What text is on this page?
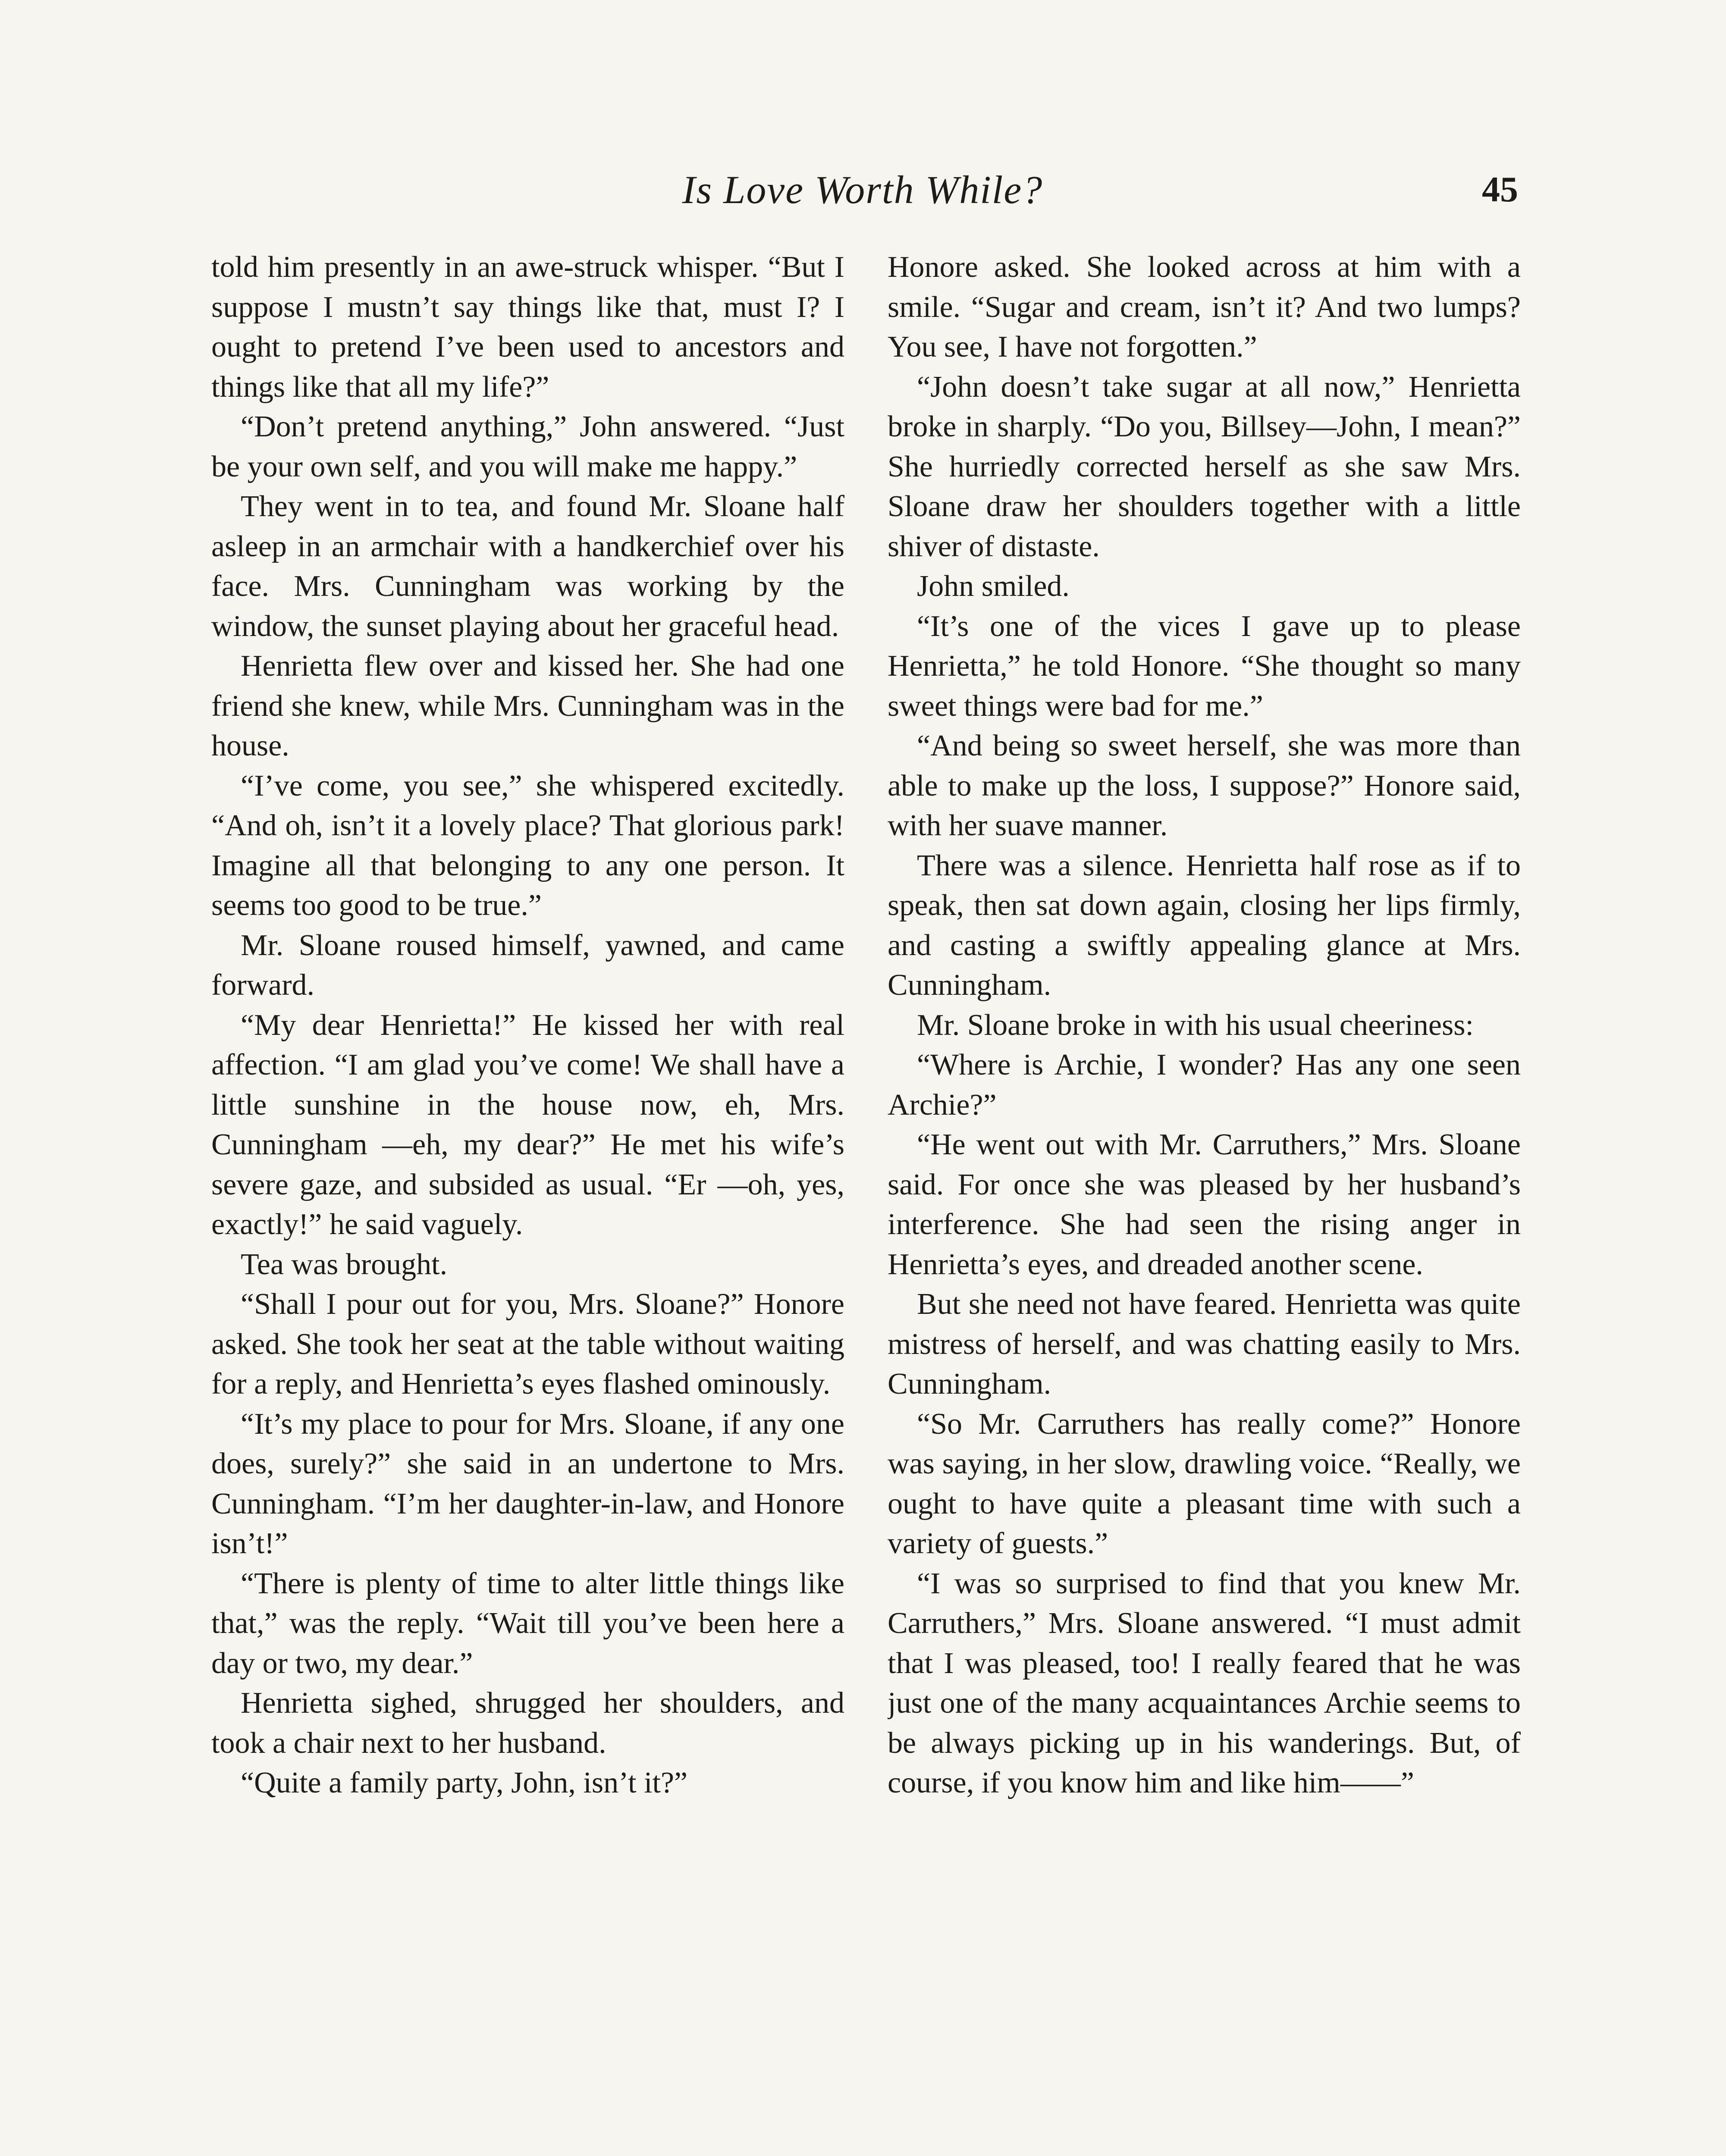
Is Love Worth While?	45

told him presently in an awe-struck whisper. “But I suppose I mustn’t say things like that, must I? I ought to pretend I’ve been used to ancestors and things like that all my life?”

“Don’t pretend anything,” John answered. “Just be your own self, and you will make me happy.”

They went in to tea, and found Mr. Sloane half asleep in an armchair with a handkerchief over his face. Mrs. Cunningham was working by the window, the sunset playing about her graceful head.

Henrietta flew over and kissed her. She had one friend she knew, while Mrs. Cunningham was in the house.

“I’ve come, you see,” she whispered excitedly. “And oh, isn’t it a lovely place? That glorious park! Imagine all that belonging to any one person. It seems too good to be true.”

Mr. Sloane roused himself, yawned, and came forward.

“My dear Henrietta!” He kissed her with real affection. “I am glad you’ve come! We shall have a little sunshine in the house now, eh, Mrs. Cunningham —eh, my dear?” He met his wife’s severe gaze, and subsided as usual. “Er —oh, yes, exactly!” he said vaguely.

Tea was brought.

“Shall I pour out for you, Mrs. Sloane?” Honore asked. She took her seat at the table without waiting for a reply, and Henrietta’s eyes flashed ominously.

“It’s my place to pour for Mrs. Sloane, if any one does, surely?” she said in an undertone to Mrs. Cunningham. “I’m her daughter-in-law, and Honore isn’t!”

“There is plenty of time to alter little things like that,” was the reply. “Wait till you’ve been here a day or two, my dear.”

Henrietta sighed, shrugged her shoulders, and took a chair next to her husband.

“Quite a family party, John, isn’t it?”

Honore asked. She looked across at him with a smile. “Sugar and cream, isn’t it? And two lumps? You see, I have not forgotten.”

“John doesn’t take sugar at all now,” Henrietta broke in sharply. “Do you, Billsey—John, I mean?” She hurriedly corrected herself as she saw Mrs. Sloane draw her shoulders together with a little shiver of distaste.

John smiled.

“It’s one of the vices I gave up to please Henrietta,” he told Honore. “She thought so many sweet things were bad for me.”

“And being so sweet herself, she was more than able to make up the loss, I suppose?” Honore said, with her suave manner.

There was a silence. Henrietta half rose as if to speak, then sat down again, closing her lips firmly, and casting a swiftly appealing glance at Mrs. Cunningham.

Mr. Sloane broke in with his usual cheeriness:

“Where is Archie, I wonder? Has any one seen Archie?”

“He went out with Mr. Carruthers,” Mrs. Sloane said. For once she was pleased by her husband’s interference. She had seen the rising anger in Henrietta’s eyes, and dreaded another scene.

But she need not have feared. Henrietta was quite mistress of herself, and was chatting easily to Mrs. Cunningham.

“So Mr. Carruthers has really come?” Honore was saying, in her slow, drawling voice. “Really, we ought to have quite a pleasant time with such a variety of guests.”

“I was so surprised to find that you knew Mr. Carruthers,” Mrs. Sloane answered. “I must admit that I was pleased, too! I really feared that he was just one of the many acquaintances Archie seems to be always picking up in his wanderings. But, of course, if you know him and like him——”
